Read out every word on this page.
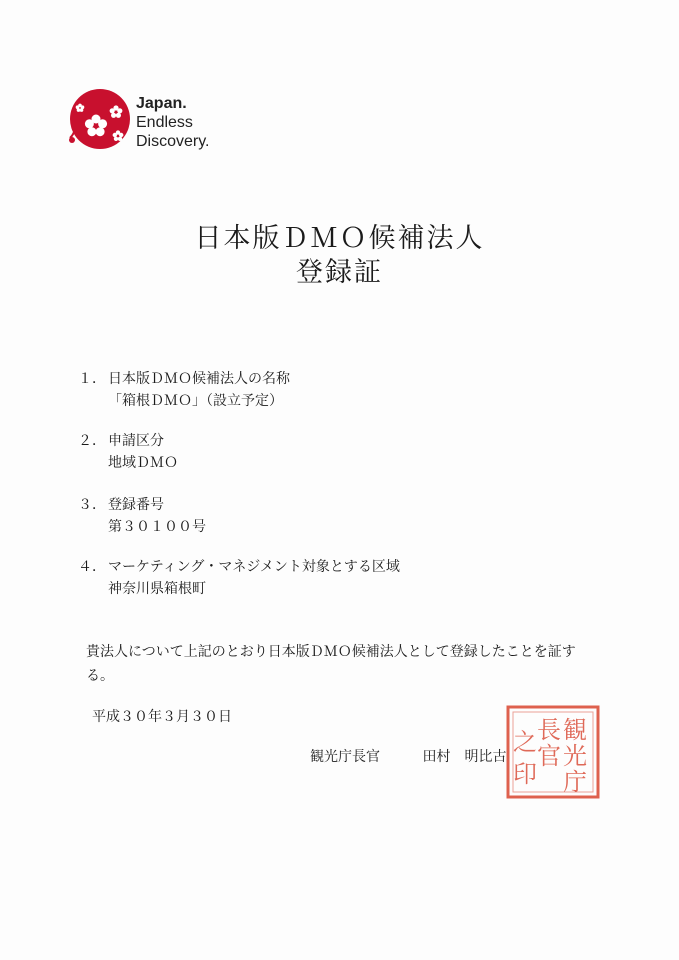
Japan.
Endless
Discovery.
日本版ＤＭＯ候補法人
登録証
１． 日本版ＤＭＯ候補法人の名称
「箱根ＤＭＯ」（設立予定）
２． 申請区分
地域ＤＭＯ
３． 登録番号
第３０１００号
４． マーケティング・マネジメント対象とする区域
神奈川県箱根町
貴法人について上記のとおり日本版ＤＭＯ候補法人として登録したことを証する。
平成３０年３月３０日
観光庁長官	田村　明比古
観
光
庁
長
官
之
印
